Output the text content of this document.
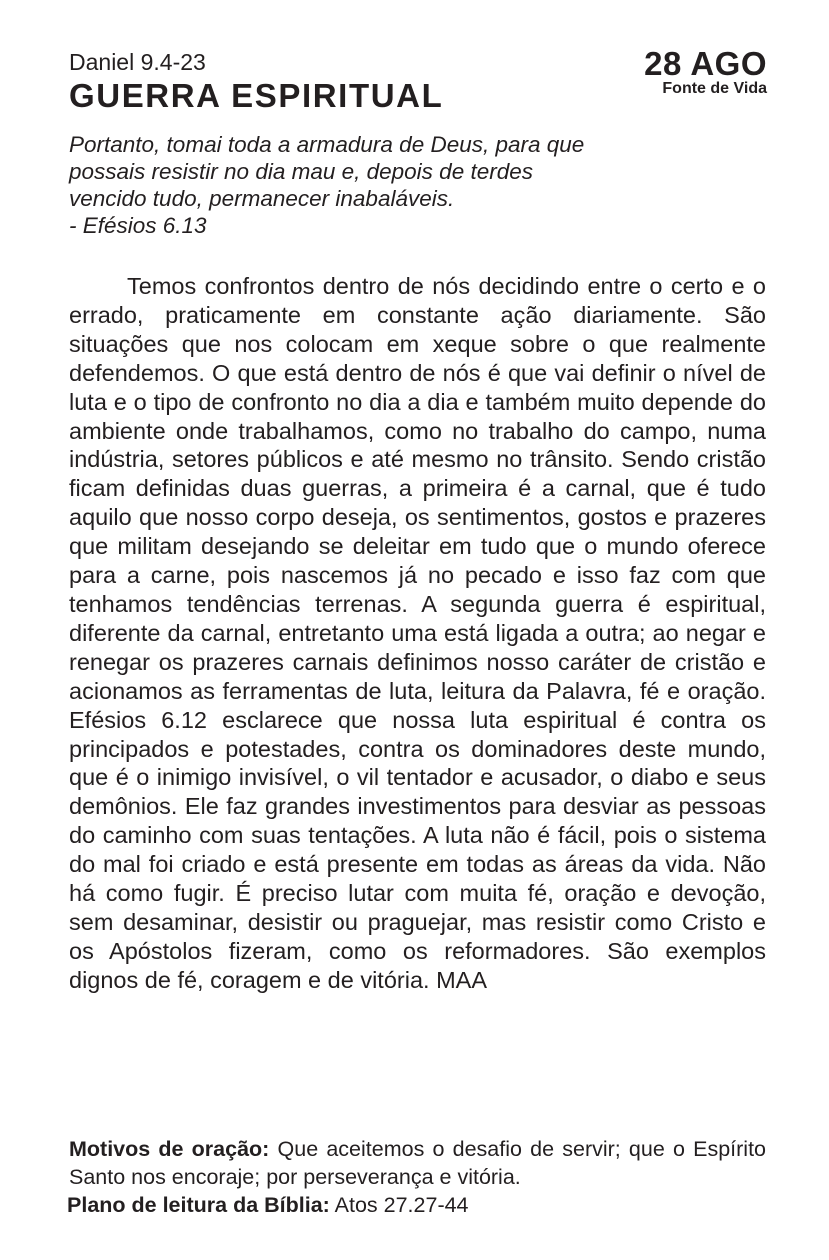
Daniel 9.4-23
GUERRA ESPIRITUAL
28 AGO
Fonte de Vida
Portanto, tomai toda a armadura de Deus, para que
possais resistir no dia mau e, depois de terdes
vencido tudo, permanecer inabaláveis.
- Efésios 6.13

Temos confrontos dentro de nós decidindo entre o certo e o errado, praticamente em constante ação diariamente. São situações que nos colocam em xeque sobre o que realmente defendemos. O que está dentro de nós é que vai definir o nível de luta e o tipo de confronto no dia a dia e também muito depende do ambiente onde trabalhamos, como no trabalho do campo, numa indústria, setores públicos e até mesmo no trânsito. Sendo cristão ficam definidas duas guerras, a primeira é a carnal, que é tudo aquilo que nosso corpo deseja, os sentimentos, gostos e prazeres que militam desejando se deleitar em tudo que o mundo oferece para a carne, pois nascemos já no pecado e isso faz com que tenhamos tendências terrenas. A segunda guerra é espiritual, diferente da carnal, entretanto uma está ligada a outra; ao negar e renegar os prazeres carnais definimos nosso caráter de cristão e acionamos as ferramentas de luta, leitura da Palavra, fé e oração. Efésios 6.12 esclarece que nossa luta espiritual é contra os principados e potestades, contra os dominadores deste mundo, que é o inimigo invisível, o vil tentador e acusador, o diabo e seus demônios. Ele faz grandes investimentos para desviar as pessoas do caminho com suas tentações. A luta não é fácil, pois o sistema do mal foi criado e está presente em todas as áreas da vida. Não há como fugir. É preciso lutar com muita fé, oração e devoção, sem desaminar, desistir ou praguejar, mas resistir como Cristo e os Apóstolos fizeram, como os reformadores. São exemplos dignos de fé, coragem e de vitória. MAA

Motivos de oração: Que aceitemos o desafio de servir; que o Espírito Santo nos encoraje; por perseverança e vitória.

Plano de leitura da Bíblia: Atos 27.27-44
